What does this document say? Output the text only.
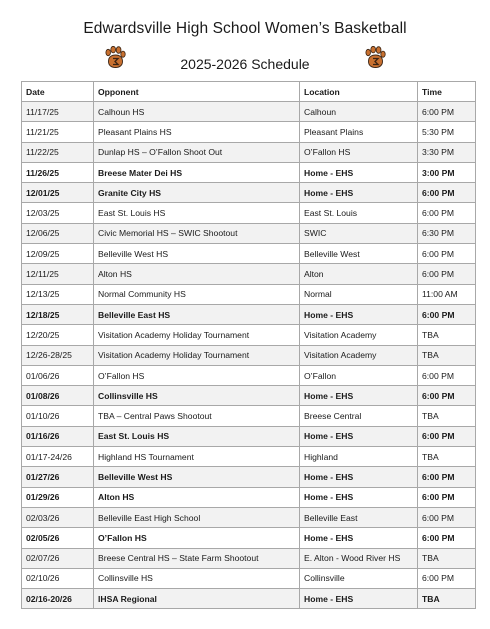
Edwardsville High School Women’s Basketball
2025-2026 Schedule
Date	Opponent	Location	Time
11/17/25	Calhoun HS	Calhoun	6:00 PM
11/21/25	Pleasant Plains HS	Pleasant Plains	5:30 PM
11/22/25	Dunlap HS – O’Fallon Shoot Out	O’Fallon HS	3:30 PM
11/26/25	Breese Mater Dei HS	Home - EHS	3:00 PM
12/01/25	Granite City HS	Home - EHS	6:00 PM
12/03/25	East St. Louis HS	East St. Louis	6:00 PM
12/06/25	Civic Memorial HS – SWIC Shootout	SWIC	6:30 PM
12/09/25	Belleville West HS	Belleville West	6:00 PM
12/11/25	Alton HS	Alton	6:00 PM
12/13/25	Normal Community HS	Normal	11:00 AM
12/18/25	Belleville East HS	Home - EHS	6:00 PM
12/20/25	Visitation Academy Holiday Tournament	Visitation Academy	TBA
12/26-28/25	Visitation Academy Holiday Tournament	Visitation Academy	TBA
01/06/26	O’Fallon HS	O’Fallon	6:00 PM
01/08/26	Collinsville HS	Home - EHS	6:00 PM
01/10/26	TBA – Central Paws Shootout	Breese Central	TBA
01/16/26	East St. Louis HS	Home - EHS	6:00 PM
01/17-24/26	Highland HS Tournament	Highland	TBA
01/27/26	Belleville West HS	Home - EHS	6:00 PM
01/29/26	Alton HS	Home - EHS	6:00 PM
02/03/26	Belleville East High School	Belleville East	6:00 PM
02/05/26	O’Fallon HS	Home - EHS	6:00 PM
02/07/26	Breese Central HS – State Farm Shootout	E. Alton - Wood River HS	TBA
02/10/26	Collinsville HS	Collinsville	6:00 PM
02/16-20/26	IHSA Regional	Home - EHS	TBA
